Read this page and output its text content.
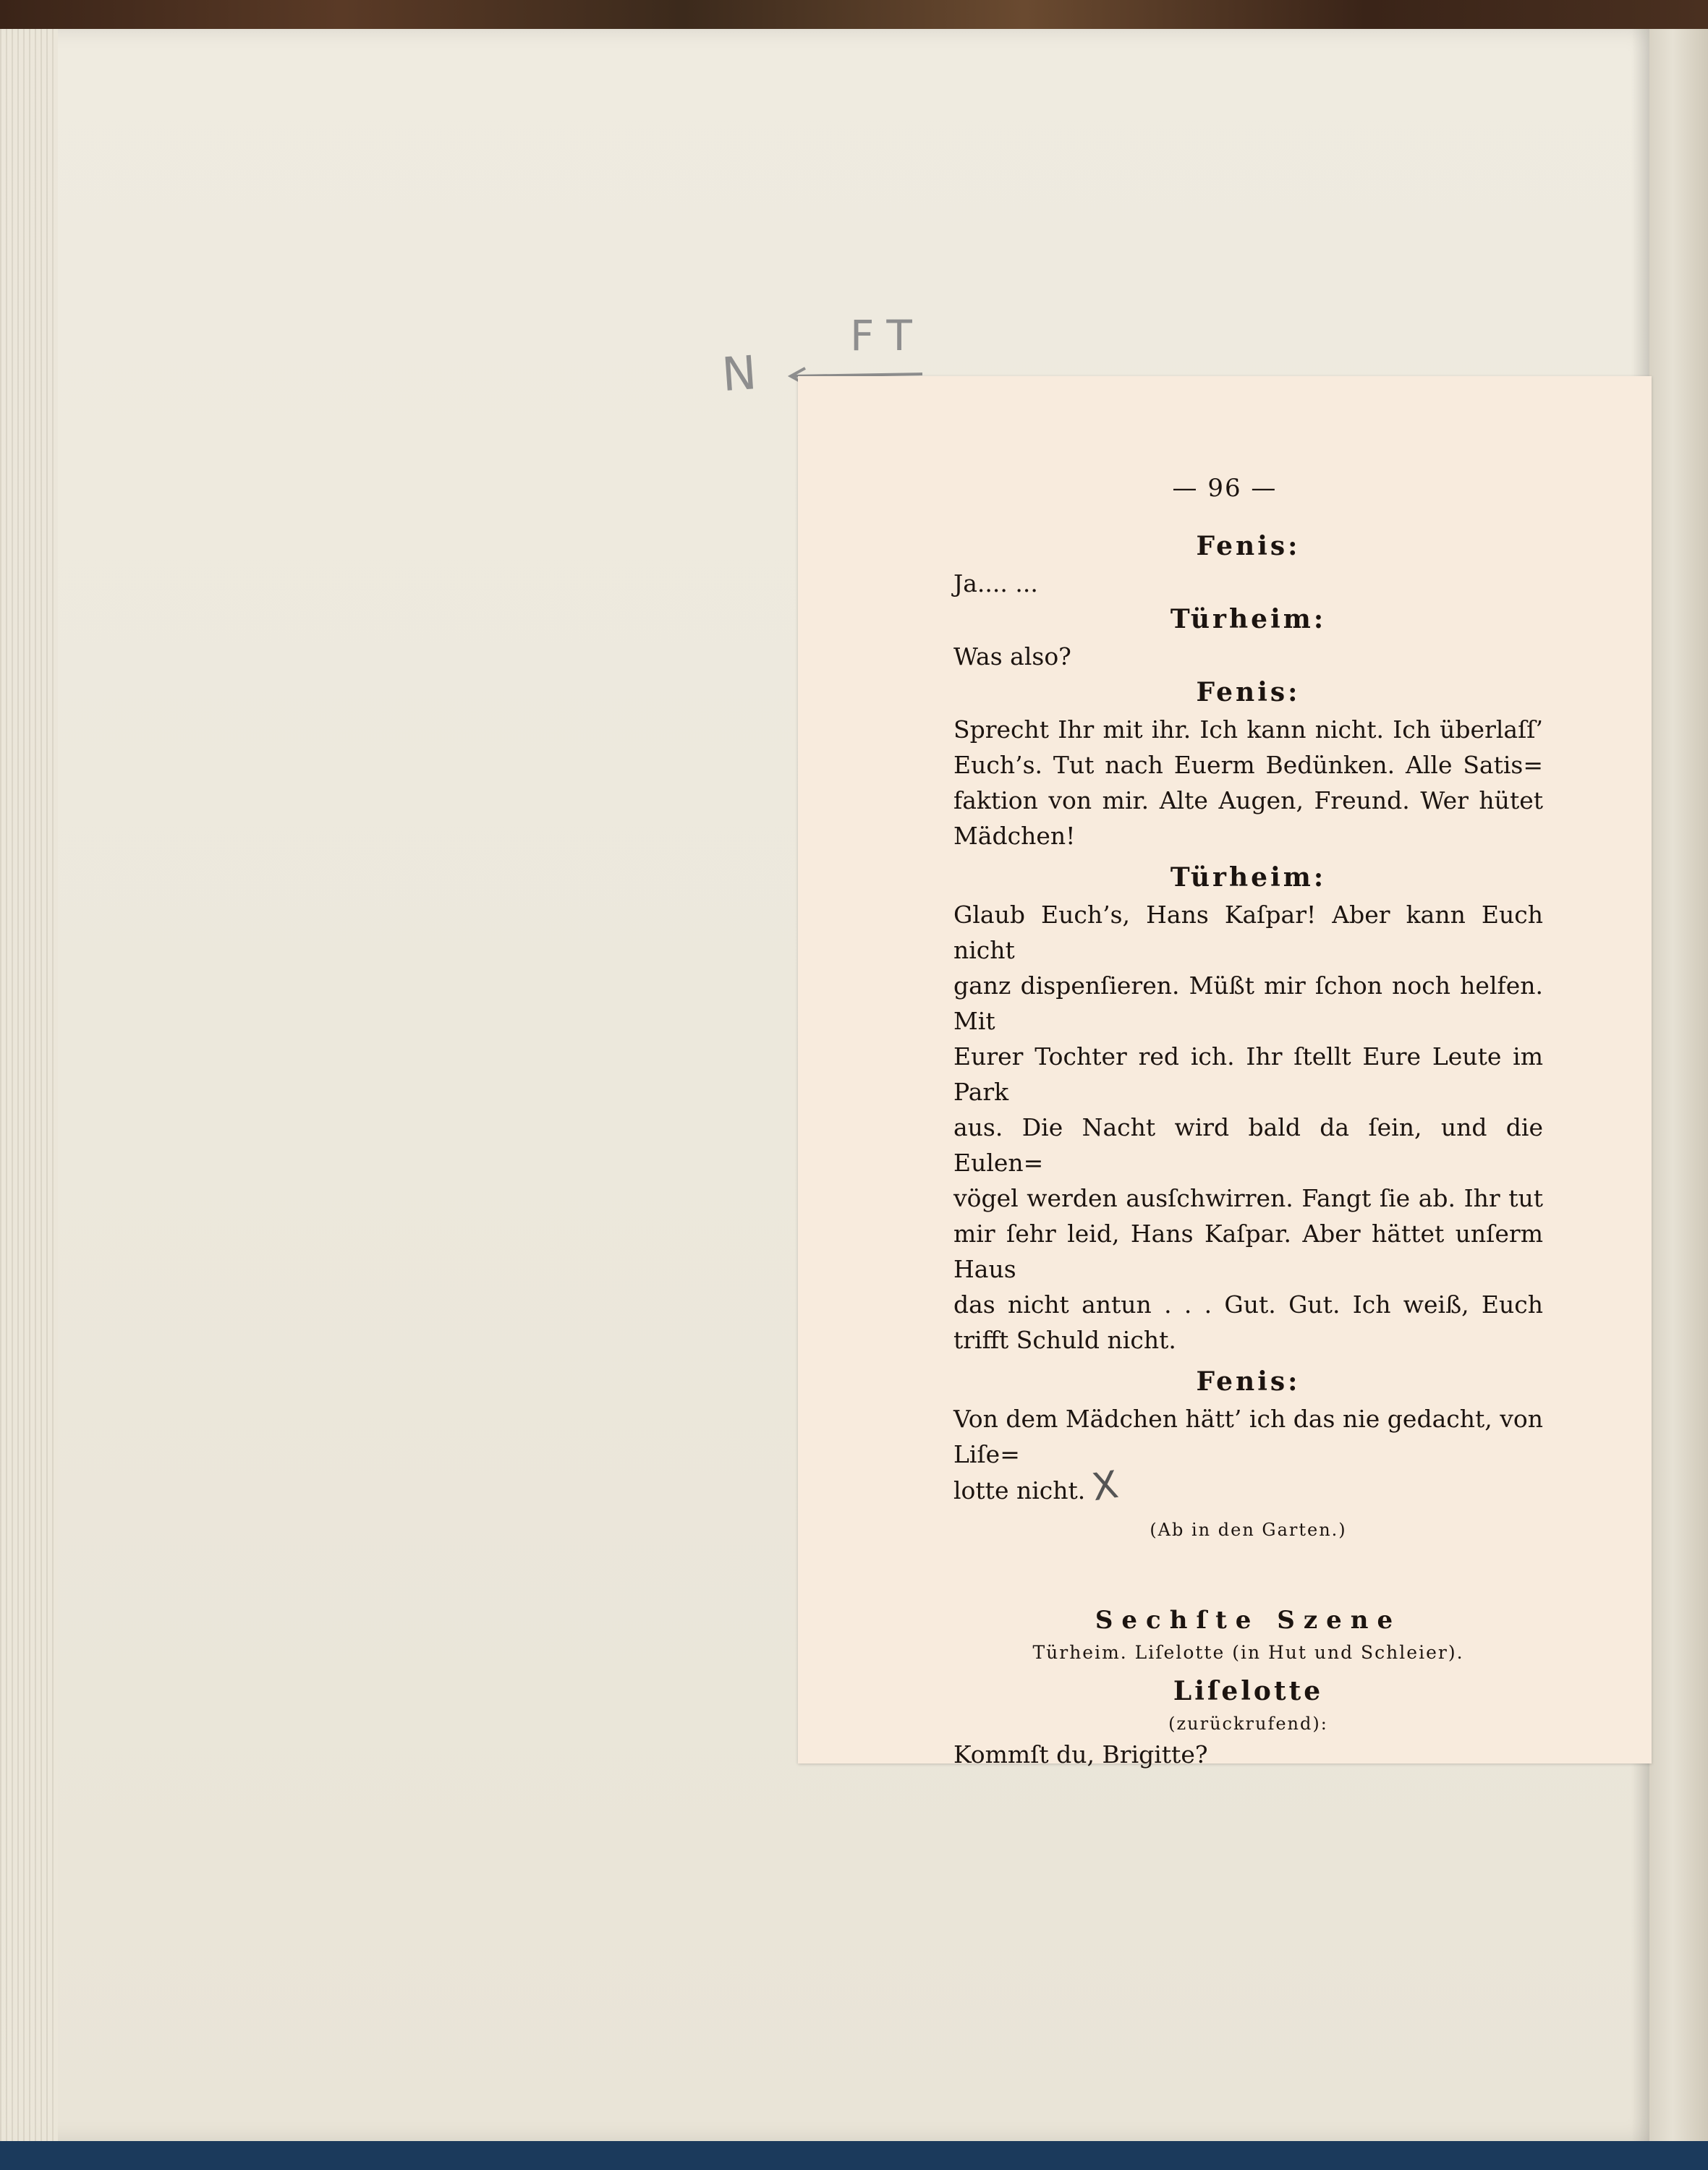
N
FT
— 96 —

Fenis:

Ja.... ...

Türheim:

Was also?

Fenis:

Sprecht Ihr mit ihr. Ich kann nicht. Ich überlaſſ’

Euch’s. Tut nach Euerm Bedünken. Alle Satis=

faktion von mir. Alte Augen, Freund. Wer hütet

Mädchen!

Türheim:

Glaub Euch’s, Hans Kaſpar! Aber kann Euch nicht

ganz dispenſieren. Müßt mir ſchon noch helfen. Mit

Eurer Tochter red ich. Ihr ſtellt Eure Leute im Park

aus. Die Nacht wird bald da ſein, und die Eulen=

vögel werden ausſchwirren. Fangt ſie ab. Ihr tut

mir ſehr leid, Hans Kaſpar. Aber hättet unſerm Haus

das nicht antun . . . Gut. Gut. Ich weiß, Euch

trifft Schuld nicht.

Fenis:

Von dem Mädchen hätt’ ich das nie gedacht, von Liſe=

lotte nicht. X

(Ab in den Garten.)

Sechſte Szene
Türheim. Liſelotte (in Hut und Schleier).

Liſelotte

(zurückrufend):

Kommſt du, Brigitte?
